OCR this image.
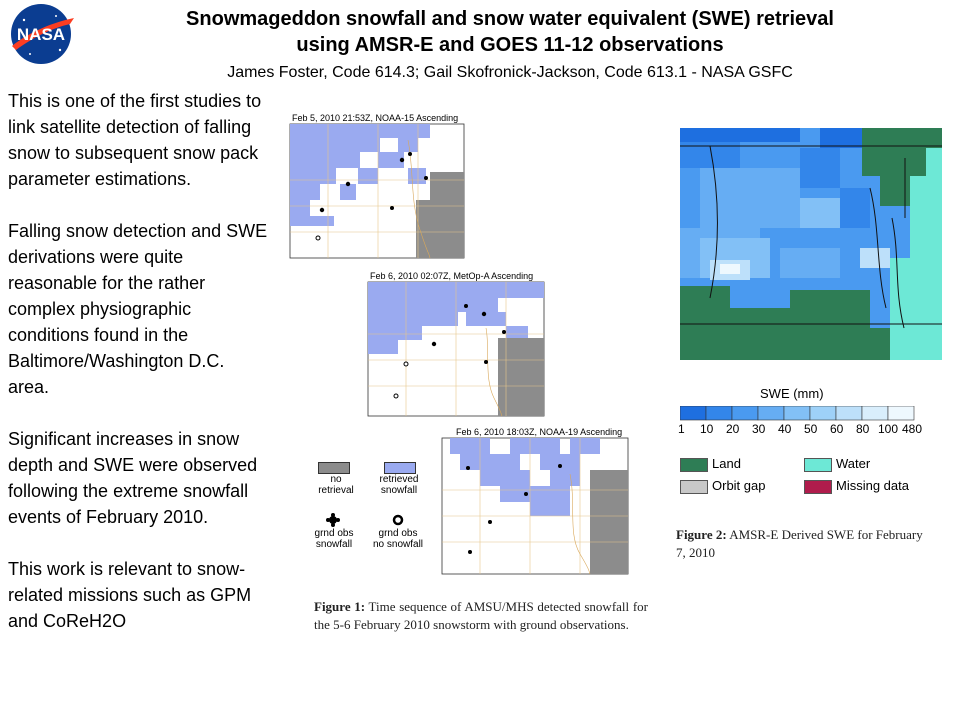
NASA
Snowmageddon snowfall and snow water equivalent (SWE) retrieval
using AMSR-E and GOES 11-12 observations
James Foster, Code 614.3; Gail Skofronick-Jackson, Code 613.1 - NASA GSFC

This is one of the first studies to link satellite detection of falling snow to subsequent snow pack parameter estimations.

Falling snow detection and SWE derivations were quite reasonable for the rather complex physiographic conditions found in the Baltimore/Washington D.C. area.

Significant increases in snow depth and SWE were observed following the extreme snowfall events of February 2010.

This work is relevant to snow-related missions such as GPM and CoReH2O

Feb 5, 2010 21:53Z, NOAA-15 Ascending
Feb 6, 2010 02:07Z, MetOp-A Ascending
Feb 6, 2010 18:03Z, NOAA-19 Ascending
no
retrieval
retrieved
snowfall
grnd obs
snowfall
grnd obs
no snowfall
Figure 1: Time sequence of AMSU/MHS detected snowfall for the 5-6 February 2010 snowstorm with ground observations.
SWE (mm)
1 10 20 30 40 50 60 80 100 480
Land	Water
Orbit gap	Missing data
Figure 2: AMSR-E Derived SWE for February 7, 2010
